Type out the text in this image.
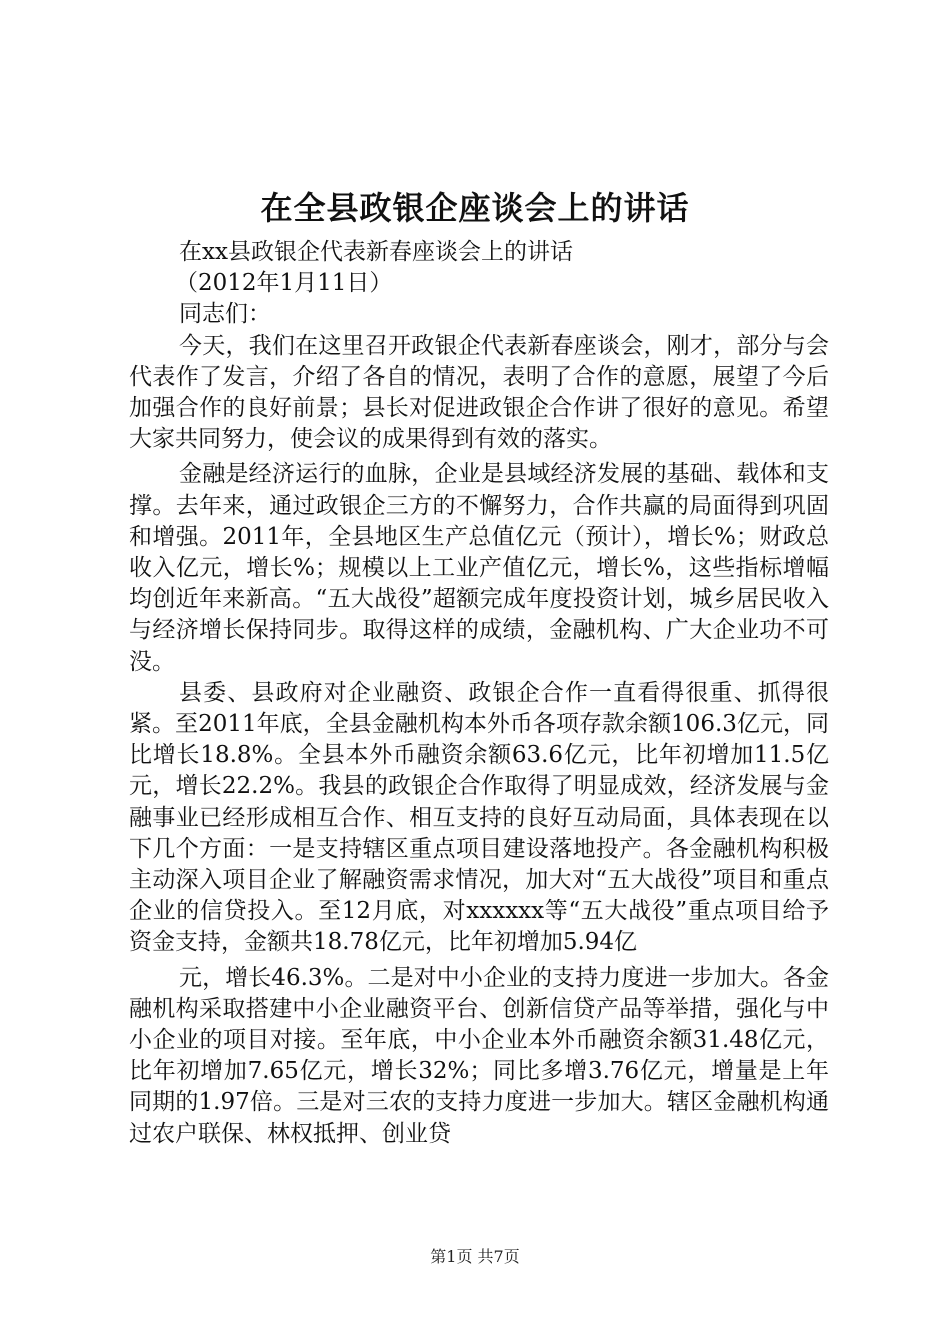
在全县政银企座谈会上的讲话

在xx县政银企代表新春座谈会上的讲话

（2012年1月11日）

同志们：

今天，我们在这里召开政银企代表新春座谈会，刚才，部分与会代表作了发言，介绍了各自的情况，表明了合作的意愿，展望了今后加强合作的良好前景；县长对促进政银企合作讲了很好的意见。希望大家共同努力，使会议的成果得到有效的落实。

金融是经济运行的血脉，企业是县域经济发展的基础、载体和支撑。去年来，通过政银企三方的不懈努力，合作共赢的局面得到巩固和增强。2011年，全县地区生产总值亿元（预计），增长%；财政总收入亿元，增长%；规模以上工业产值亿元，增长%，这些指标增幅均创近年来新高。“五大战役”超额完成年度投资计划，城乡居民收入与经济增长保持同步。取得这样的成绩，金融机构、广大企业功不可没。

县委、县政府对企业融资、政银企合作一直看得很重、抓得很紧。至2011年底，全县金融机构本外币各项存款余额106.3亿元，同比增长18.8%。全县本外币融资余额63.6亿元，比年初增加11.5亿元，增长22.2%。我县的政银企合作取得了明显成效，经济发展与金融事业已经形成相互合作、相互支持的良好互动局面，具体表现在以下几个方面：一是支持辖区重点项目建设落地投产。各金融机构积极主动深入项目企业了解融资需求情况，加大对“五大战役”项目和重点企业的信贷投入。至12月底，对xxxxxx等“五大战役”重点项目给予资金支持，金额共18.78亿元，比年初增加5.94亿

元，增长46.3%。二是对中小企业的支持力度进一步加大。各金融机构采取搭建中小企业融资平台、创新信贷产品等举措，强化与中小企业的项目对接。至年底，中小企业本外币融资余额31.48亿元，比年初增加7.65亿元，增长32%；同比多增3.76亿元，增量是上年同期的1.97倍。三是对三农的支持力度进一步加大。辖区金融机构通过农户联保、林权抵押、创业贷

第1页 共7页
